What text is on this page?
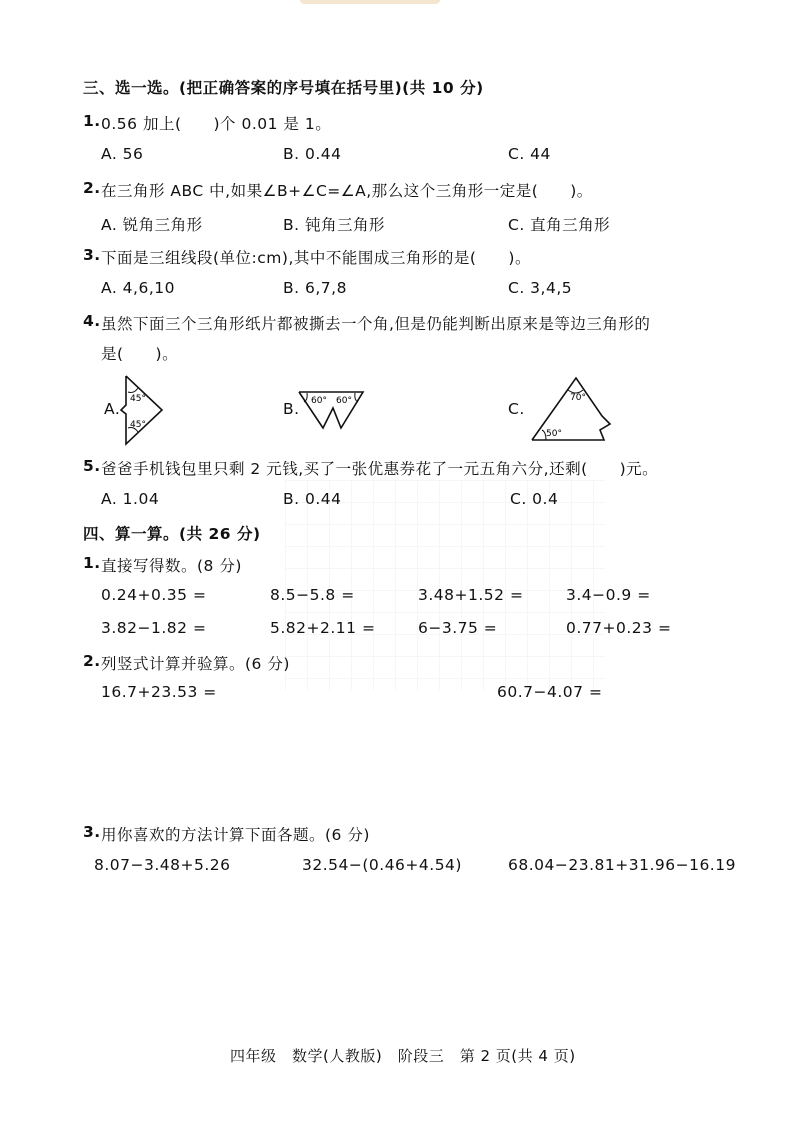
三、选一选。(把正确答案的序号填在括号里)(共 10 分)
1. 0.56 加上(　　)个 0.01 是 1。
A. 56	B. 0.44	C. 44
2. 在三角形 ABC 中,如果∠B+∠C=∠A,那么这个三角形一定是(　　)。
A. 锐角三角形	B. 钝角三角形	C. 直角三角形
3. 下面是三组线段(单位:cm),其中不能围成三角形的是(　　)。
A. 4,6,10	B. 6,7,8	C. 3,4,5
4. 虽然下面三个三角形纸片都被撕去一个角,但是仍能判断出原来是等边三角形的
是(　　)。
A.
45°
45°
B. 60° 60°	C.
70°
50°
5. 爸爸手机钱包里只剩 2 元钱,买了一张优惠券花了一元五角六分,还剩(　　)元。
A. 1.04	B. 0.44	C. 0.4
四、算一算。(共 26 分)
1. 直接写得数。(8 分)
0.24+0.35 =	8.5−5.8 =	3.48+1.52 =	3.4−0.9 =
3.82−1.82 =	5.82+2.11 =	6−3.75 =	0.77+0.23 =
2. 列竖式计算并验算。(6 分)
16.7+23.53 =	60.7−4.07 =
3. 用你喜欢的方法计算下面各题。(6 分)
8.07−3.48+5.26	32.54−(0.46+4.54)	68.04−23.81+31.96−16.19
四年级　数学(人教版)　阶段三　第 2 页(共 4 页)
